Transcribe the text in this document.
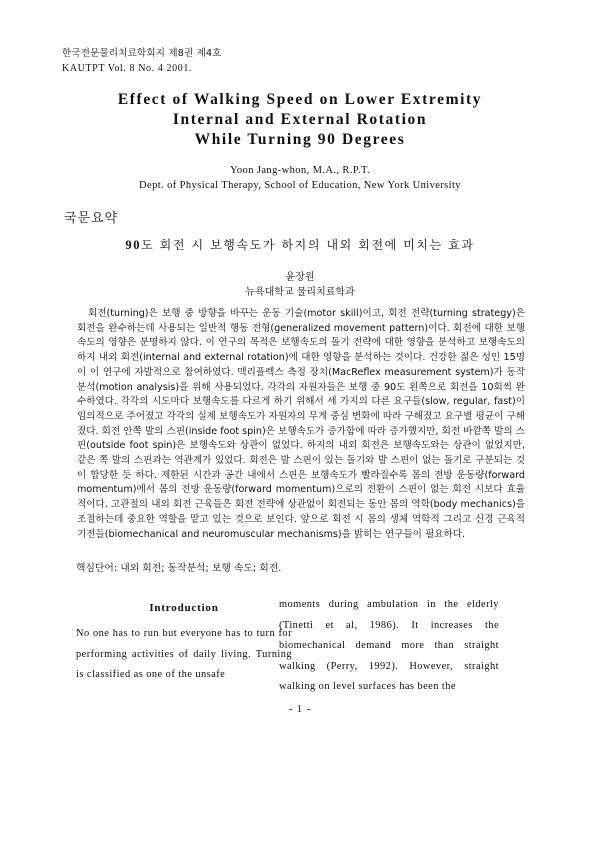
한국전문물리치료학회지 제8권 제4호
KAUTPT Vol. 8 No. 4 2001.
Effect of Walking Speed on Lower Extremity
Internal and External Rotation
While Turning 90 Degrees
Yoon Jang-whon, M.A., R.P.T.
Dept. of Physical Therapy, School of Education, New York University
국문요약
90도 회전 시 보행속도가 하지의 내외 회전에 미치는 효과
윤장원
뉴욕대학교 물리치료학과
회전(turning)은 보행 중 방향을 바꾸는 운동 기술(motor skill)이고, 회전 전략(turning strategy)은 회전을 완수하는데 사용되는 일반적 행동 전형(generalized movement pattern)이다. 회전에 대한 보행속도의 영향은 분명하지 않다. 이 연구의 목적은 보행속도의 돌기 전략에 대한 영향을 분석하고 보행속도의 하지 내외 회전(internal and external rotation)에 대한 영향을 분석하는 것이다. 건강한 젊은 성인 15명이 이 연구에 자발적으로 참여하였다. 맥리플렉스 측정 장치(MacReflex measurement system)가 동작 분석(motion analysis)을 위해 사용되었다. 각각의 자원자들은 보행 중 90도 왼쪽으로 회전을 10회씩 완수하였다. 각각의 시도마다 보행속도를 다르게 하기 위해서 세 가지의 다른 요구들(slow, regular, fast)이 임의적으로 주어졌고 각각의 실제 보행속도가 자원자의 무게 중심 변화에 따라 구해졌고 요구별 평균이 구해졌다. 회전 안쪽 발의 스핀(inside foot spin)은 보행속도가 증가함에 따라 증가했지만, 회전 바깥쪽 발의 스핀(outside foot spin)은 보행속도와 상관이 없었다. 하지의 내외 회전은 보행속도와는 상관이 없었지만, 같은 쪽 발의 스핀과는 역관계가 있었다. 회전은 발 스핀이 있는 돌기와 발 스핀이 없는 돌기로 구분되는 것이 합당한 듯 하다. 제한된 시간과 공간 내에서 스핀은 보행속도가 빨라질수록 몸의 전방 운동량(forward momentum)에서 몸의 전방 운동량(forward momentum)으로의 전환이 스핀이 없는 회전 시보다 효율적이다. 고관절의 내외 회전 근육들은 회전 전략에 상관없이 회전되는 동안 몸의 역학(body mechanics)을 조절하는데 중요한 역할을 맡고 있는 것으로 보인다. 앞으로 회전 시 몸의 생체 역학적 그리고 신경 근육적 기전들(biomechanical and neuromuscular mechanisms)을 밝히는 연구들이 필요하다.
핵심단어: 내외 회전; 동작분석; 보행 속도; 회전.
Introduction

No one has to run but everyone has to turn for performing activities of daily living. Turning is classified as one of the unsafe

moments during ambulation in the elderly (Tinetti et al, 1986). It increases the biomechanical demand more than straight walking (Perry, 1992). However, straight walking on level surfaces has been the

- 1 -
